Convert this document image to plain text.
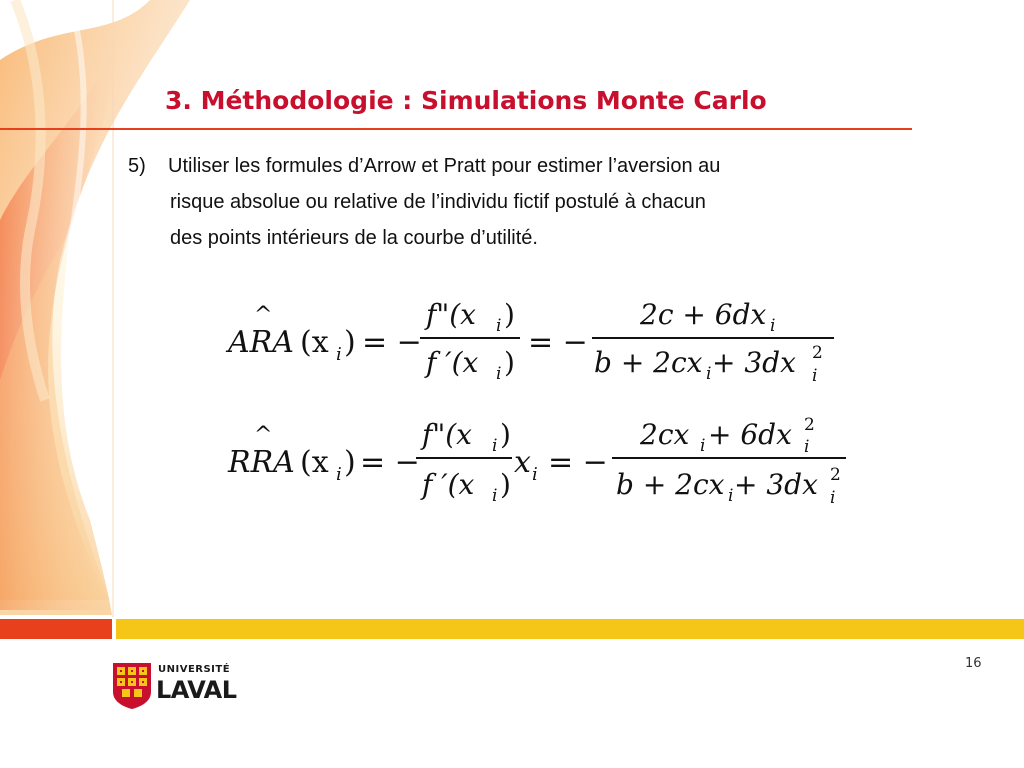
3. Méthodologie : Simulations Monte Carlo
5) Utiliser les formules d’Arrow et Pratt pour estimer l’aversion au
risque absolue ou relative de l’individu fictif postulé à chacun
des points intérieurs de la courbe d’utilité.
ARA
^
(x i ) = −
f"(x i )
f ′(x i )
= −
2c + 6dx i
b + 2cx i + 3dx 2
i
RRA
^
(x i ) = −
f"(x i )
f ′(x i )
x i = −
2cx i + 6dx 2
i
b + 2cx i + 3dx 2
i
16
UNIVERSITÉ
LAVAL
